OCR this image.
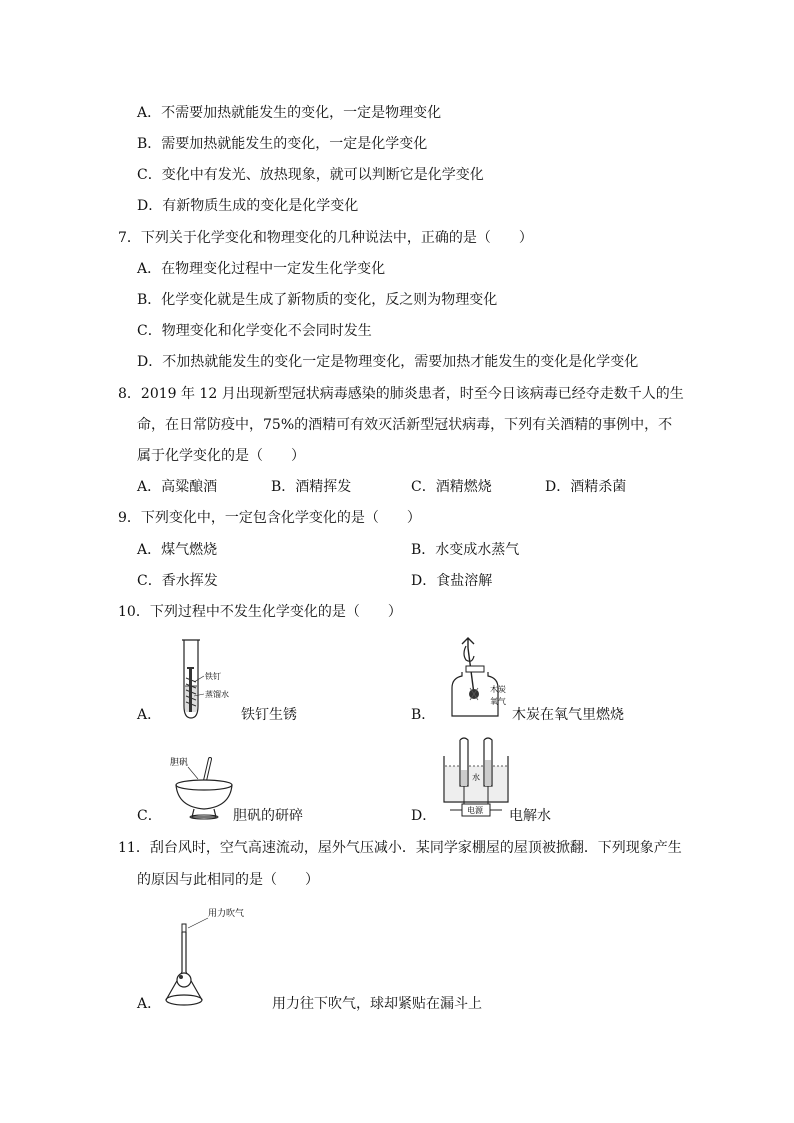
A．不需要加热就能发生的变化，一定是物理变化
B．需要加热就能发生的变化，一定是化学变化
C．变化中有发光、放热现象，就可以判断它是化学变化
D．有新物质生成的变化是化学变化
7．下列关于化学变化和物理变化的几种说法中，正确的是（　　）
A．在物理变化过程中一定发生化学变化
B．化学变化就是生成了新物质的变化，反之则为物理变化
C．物理变化和化学变化不会同时发生
D．不加热就能发生的变化一定是物理变化，需要加热才能发生的变化是化学变化
8．2019 年 12 月出现新型冠状病毒感染的肺炎患者，时至今日该病毒已经夺走数千人的生
命，在日常防疫中，75%的酒精可有效灭活新型冠状病毒，下列有关酒精的事例中，不
属于化学变化的是（　　）
A．高粱酿酒	B．酒精挥发	C．酒精燃烧	D．酒精杀菌
9．下列变化中，一定包含化学变化的是（　　）
A．煤气燃烧	B．水变成水蒸气
C．香水挥发	D．食盐溶解
10．下列过程中不发生化学变化的是（　　）
A．
铁钉
蒸馏水
铁钉生锈	B．
木炭
氧气
木炭在氧气里燃烧
C．
胆矾
胆矾的研碎	D．
水
电源 电解水
11．刮台风时，空气高速流动，屋外气压减小．某同学家棚屋的屋顶被掀翻．下列现象产生
的原因与此相同的是（　　）
A．
用力吹气
用力往下吹气，球却紧贴在漏斗上
